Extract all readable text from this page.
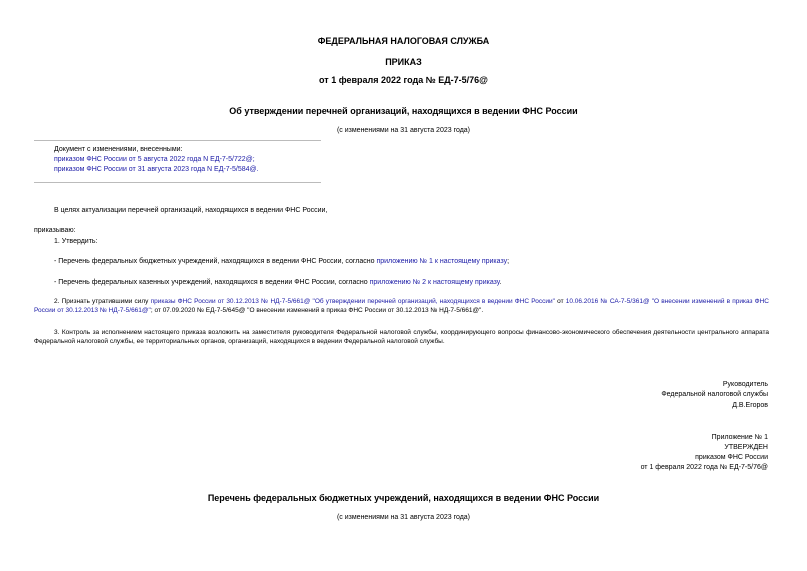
ФЕДЕРАЛЬНАЯ НАЛОГОВАЯ СЛУЖБА
ПРИКАЗ
от 1 февраля 2022 года № ЕД-7-5/76@
Об утверждении перечней организаций, находящихся в ведении ФНС России
(с изменениями на 31 августа 2023 года)
Документ с изменениями, внесенными:
приказом ФНС России от 5 августа 2022 года N ЕД-7-5/722@;
приказом ФНС России от 31 августа 2023 года N ЕД-7-5/584@.
В целях актуализации перечней организаций, находящихся в ведении ФНС России,
приказываю:
1. Утвердить:
- Перечень федеральных бюджетных учреждений, находящихся в ведении ФНС России, согласно приложению № 1 к настоящему приказу;
- Перечень федеральных казенных учреждений, находящихся в ведении ФНС России, согласно приложению № 2 к настоящему приказу.
2. Признать утратившими силу приказы ФНС России от 30.12.2013 № НД-7-5/661@ "Об утверждении перечней организаций, находящихся в ведении ФНС России" от 10.06.2016 № СА-7-5/361@ "О внесении изменений в приказ ФНС России от 30.12.2013 № НД-7-5/661@"; от 07.09.2020 № ЕД-7-5/645@ "О внесении изменений в приказ ФНС России от 30.12.2013 № НД-7-5/661@".
3. Контроль за исполнением настоящего приказа возложить на заместителя руководителя Федеральной налоговой службы, координирующего вопросы финансово-экономического обеспечения деятельности центрального аппарата Федеральной налоговой службы, ее территориальных органов, организаций, находящихся в ведении Федеральной налоговой службы.
Руководитель
Федеральной налоговой службы
Д.В.Егоров
Приложение № 1
УТВЕРЖДЕН
приказом ФНС России
от 1 февраля 2022 года № ЕД-7-5/76@
Перечень федеральных бюджетных учреждений, находящихся в ведении ФНС России
(с изменениями на 31 августа 2023 года)
